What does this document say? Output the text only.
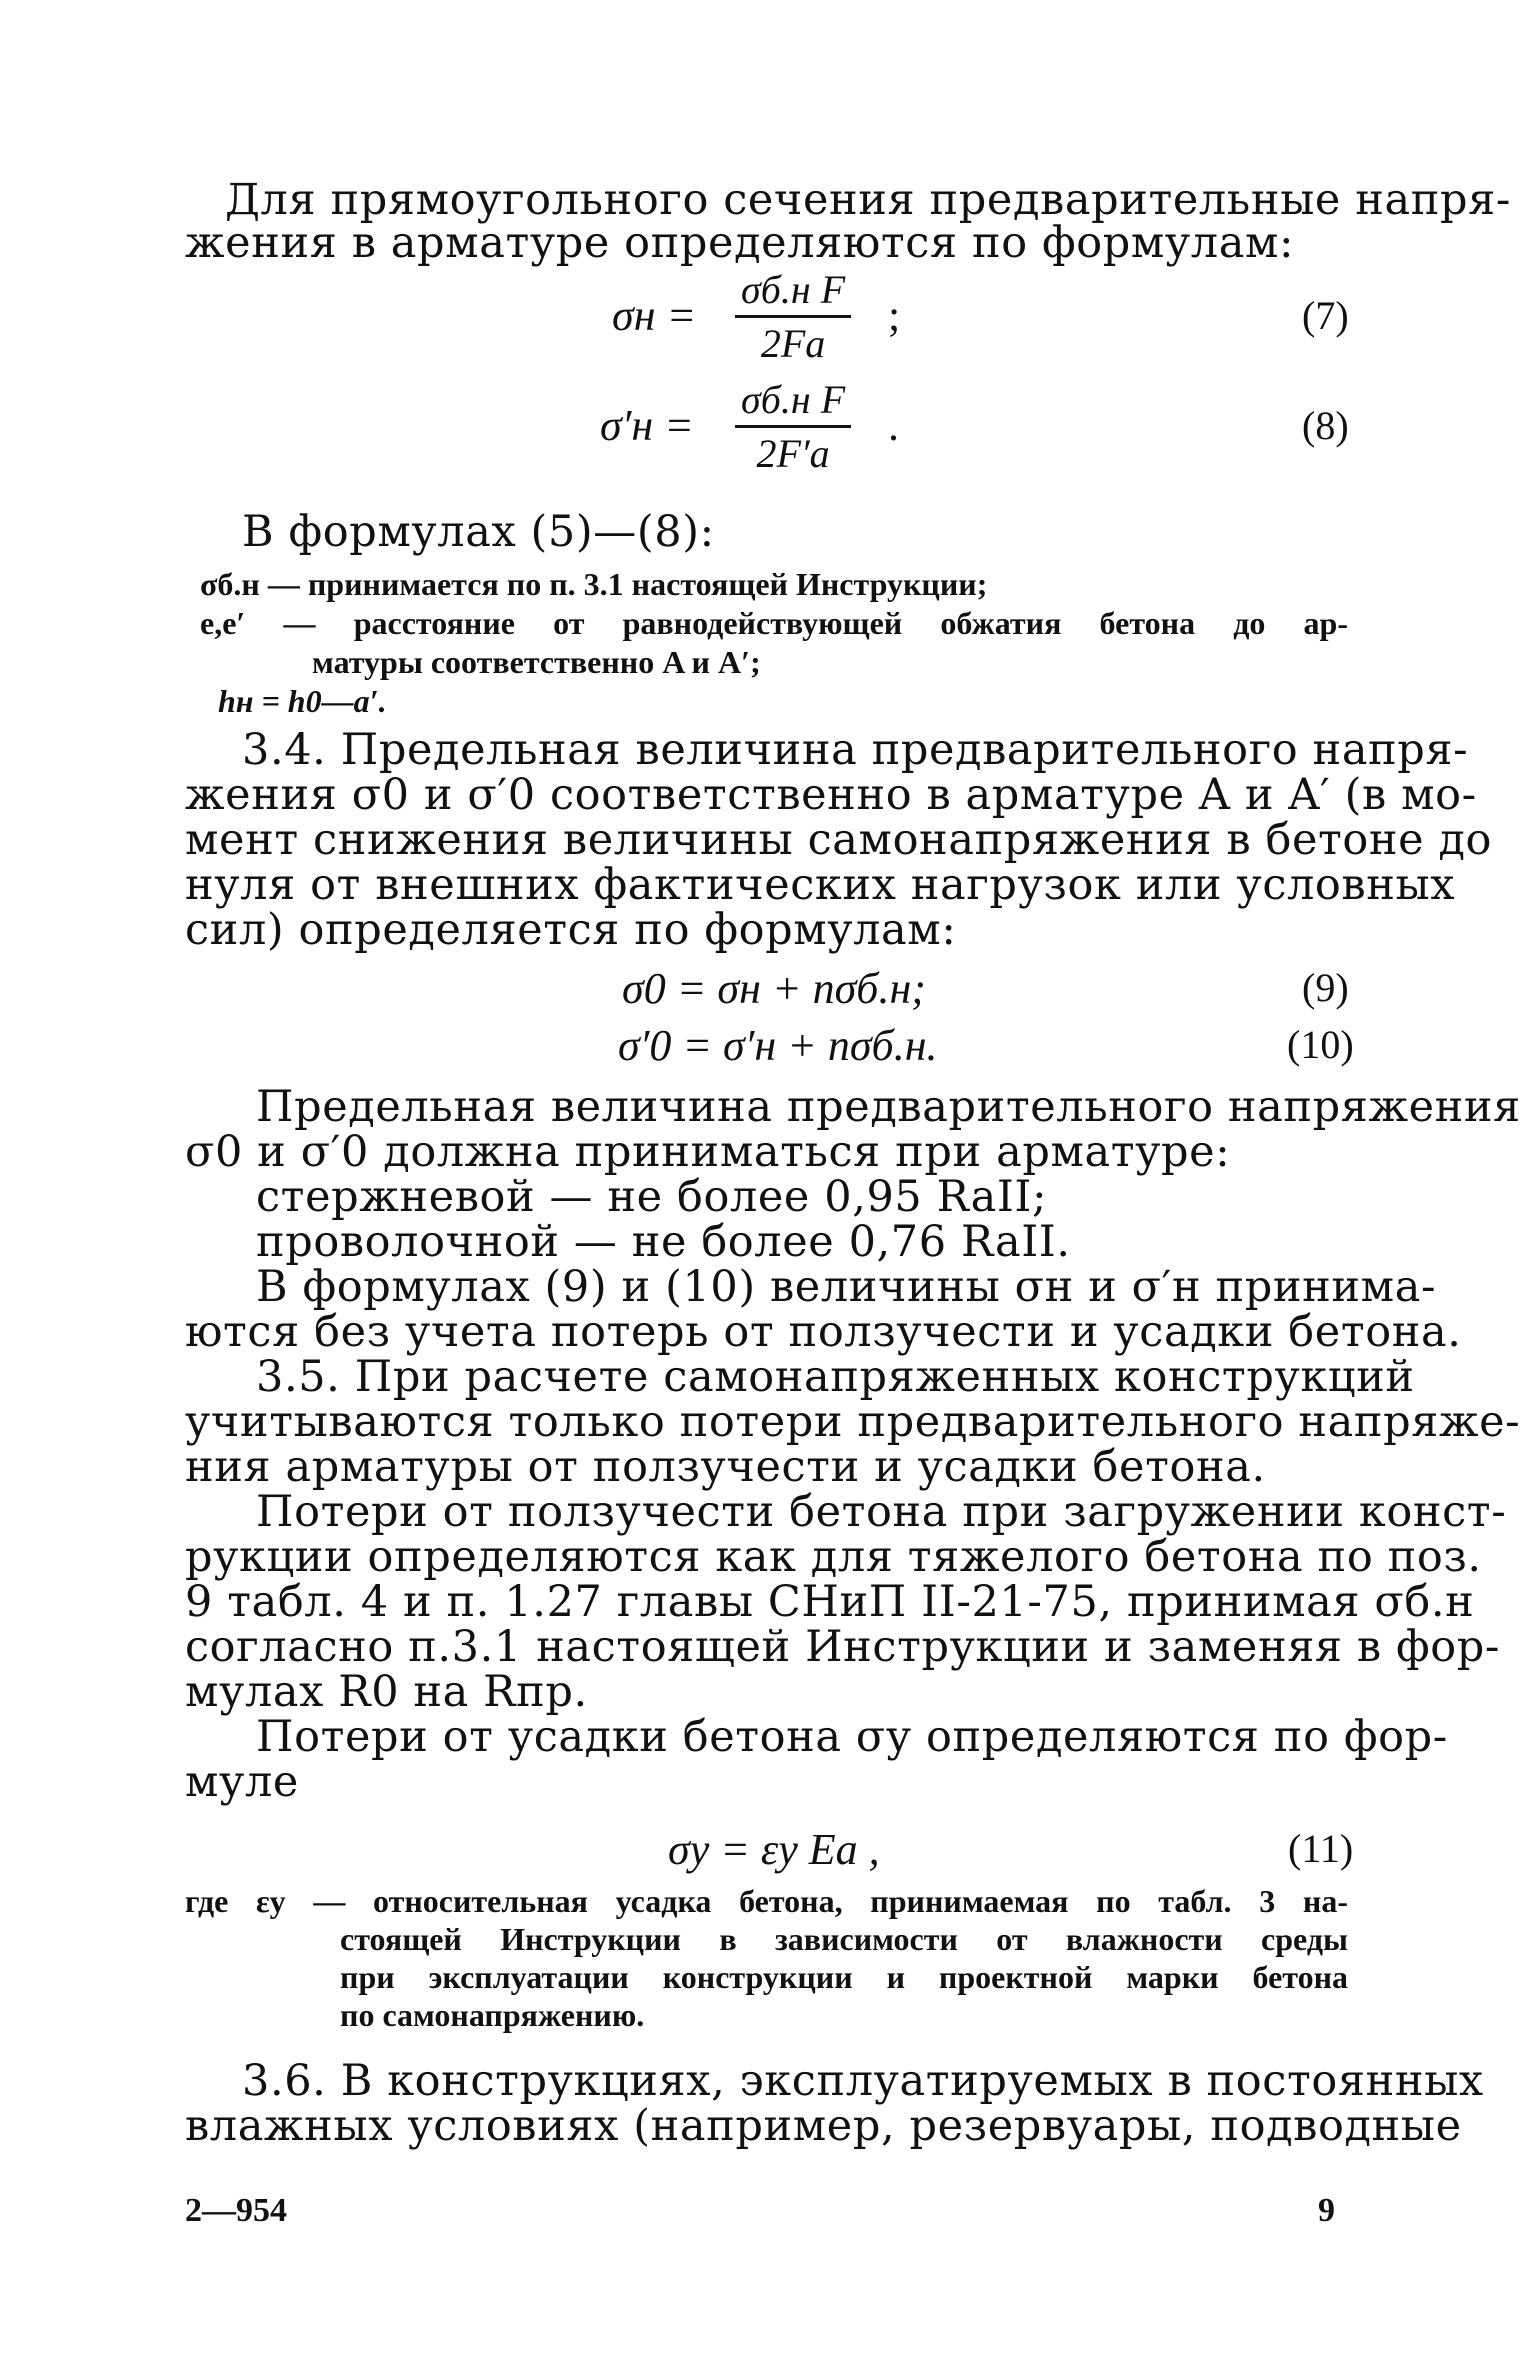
Для прямоугольного сечения предварительные напря-
жения в арматуре определяются по формулам:
σн =
σб.н F
2Fа
;	(7)
σ′н =
σб.н F
2F′а
.	(8)
В формулах (5)—(8):
σб.н — принимается по п. 3.1 настоящей Инструкции;
e,e′ — расстояние от равнодействующей обжатия бетона до ар-
матуры соответственно A и A′;
hн = h0—a′.
3.4. Предельная величина предварительного напря-
жения σ0 и σ′0 соответственно в арматуре A и A′ (в мо-
мент снижения величины самонапряжения в бетоне до
нуля от внешних фактических нагрузок или условных
сил) определяется по формулам:
σ0 = σн + nσб.н;	(9)
σ′0 = σ′н + nσб.н.	(10)
Предельная величина предварительного напряжения
σ0 и σ′0 должна приниматься при арматуре:
стержневой — не более 0,95 RaII;
проволочной — не более 0,76 RaII.
В формулах (9) и (10) величины σн и σ′н принима-
ются без учета потерь от ползучести и усадки бетона.
3.5. При расчете самонапряженных конструкций
учитываются только потери предварительного напряже-
ния арматуры от ползучести и усадки бетона.
Потери от ползучести бетона при загружении конст-
рукции определяются как для тяжелого бетона по поз.
9 табл. 4 и п. 1.27 главы СНиП II-21-75, принимая σб.н
согласно п.3.1 настоящей Инструкции и заменяя в фор-
мулах R0 на Rпр.
Потери от усадки бетона σу определяются по фор-
муле
σу = εу Eа ,	(11)
где εу — относительная усадка бетона, принимаемая по табл. 3 на-
стоящей Инструкции в зависимости от влажности среды
при эксплуатации конструкции и проектной марки бетона
по самонапряжению.
3.6. В конструкциях, эксплуатируемых в постоянных
влажных условиях (например, резервуары, подводные
2—954	9
